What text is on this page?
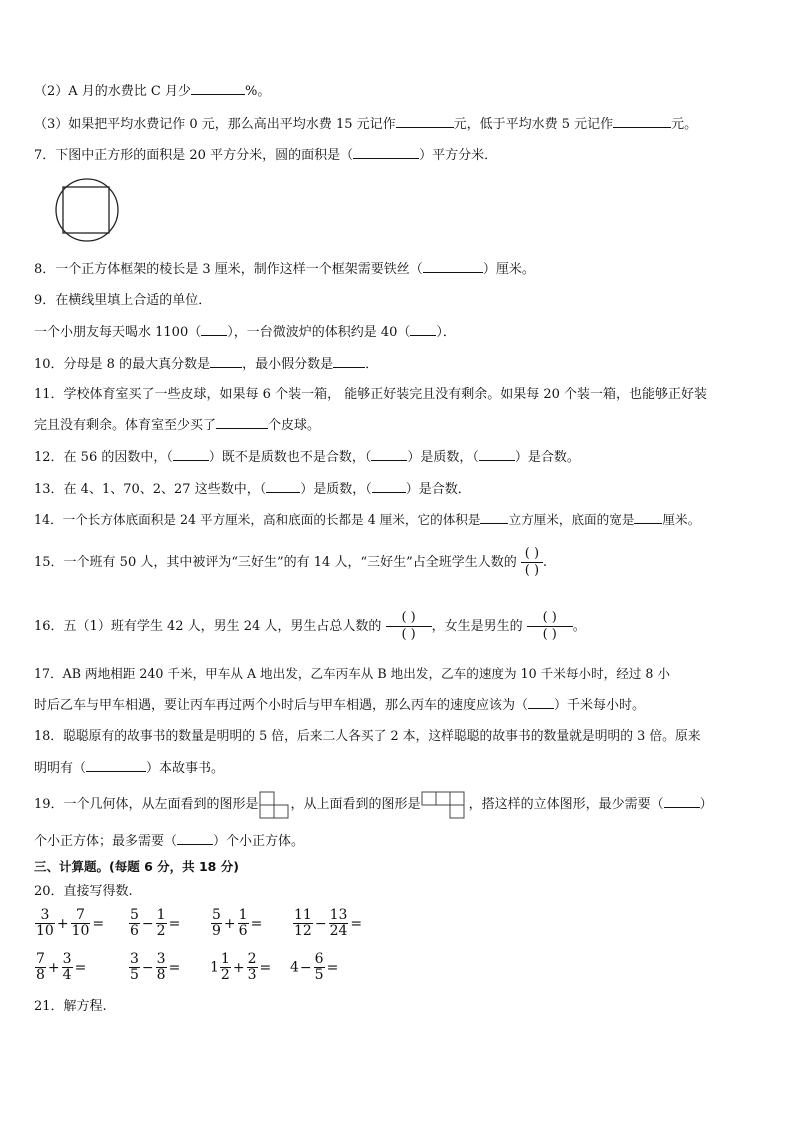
（2）A 月的水费比 C 月少	%。
（3）如果把平均水费记作 0 元，那么高出平均水费 15 元记作	元，低于平均水费 5 元记作	元。
7．下图中正方形的面积是 20 平方分米，圆的面积是（	）平方分米．
8．一个正方体框架的棱长是 3 厘米，制作这样一个框架需要铁丝（	）厘米。
9．在横线里填上合适的单位．
一个小朋友每天喝水 1100（ ），一台微波炉的体积约是 40（ ）．
10．分母是 8 的最大真分数是 ，最小假分数是 ．
11．学校体育室买了一些皮球，如果每 6 个装一箱， 能够正好装完且没有剩余。如果每 20 个装一箱，也能够正好装
完且没有剩余。体育室至少买了	个皮球。
12．在 56 的因数中，（	）既不是质数也不是合数，（	）是质数，（	）是合数。
13．在 4、1、70、2、27 这些数中，（	）是质数，（	）是合数．
14．一个长方体底面积是 24 平方厘米，高和底面的长都是 4 厘米，它的体积是 立方厘米，底面的宽是 厘米。
15．一个班有 50 人，其中被评为“三好生”的有 14 人，“三好生”占全班学生人数的 $\frac{( )}{( )}$ .
16．五（1）班有学生 42 人，男生 24 人，男生占总人数的 $\frac{( )}{( )}$ ，女生是男生的 $\frac{( )}{( )}$ 。
17．AB 两地相距 240 千米，甲车从 A 地出发，乙车丙车从 B 地出发，乙车的速度为 10 千米每小时，经过 8 小
时后乙车与甲车相遇，要让丙车再过两个小时后与甲车相遇，那么丙车的速度应该为（ ）千米每小时。
18．聪聪原有的故事书的数量是明明的 5 倍，后来二人各买了 2 本，这样聪聪的故事书的数量就是明明的 3 倍。原来
明明有（	）本故事书。
19．一个几何体，从左面看到的图形是 ，从上面看到的图形是	，搭这样的立体图形，最少需要（	）
个小正方体；最多需要（	）个小正方体。
三、计算题。(每题 6 分，共 18 分)
20．直接写得数.
$\frac{3}{10} + \frac{7}{10} = \frac{5}{6} - \frac{1}{2} = \frac{5}{9} + \frac{1}{6} = \frac{11}{12} - \frac{13}{24}$ =
$\frac{7}{8} + \frac{3}{4}$ =	$\frac{3}{5} - \frac{3}{8} = 1 \frac{1}{2} + \frac{2}{3} = 4- \frac{6}{5}$ =
21．解方程.
